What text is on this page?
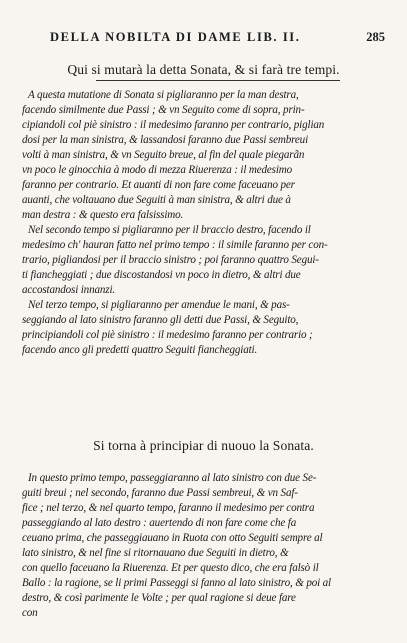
DELLA NOBILTA DI DAME LIB. II.	285
Qui si mutarà la detta Sonata, & si farà tre tempi.
A questa mutatione di Sonata si pigliaranno per la man destra,
facendo similmente due Passi ; & vn Seguito come di sopra, prin-
cipiandoli col piè sinistro : il medesimo faranno per contrario, piglian
dosi per la man sinistra, & lassandosi faranno due Passi sembreui
volti à man sinistra, & vn Seguito breue, al fin del quale piegarãn
vn poco le ginocchia à modo di mezza Riuerenza : il medesimo
faranno per contrario. Et auanti di non fare come faceuano per
auanti, che voltauano due Seguiti à man sinistra, & altri due à
man destra : & questo era falsissimo.
Nel secondo tempo si pigliaranno per il braccio destro, facendo il
medesimo ch' hauran fatto nel primo tempo : il simile faranno per con-
trario, pigliandosi per il braccio sinistro ; poi faranno quattro Segui-
ti fiancheggiati ; due discostandosi vn poco in dietro, & altri due
accostandosi innanzi.
Nel terzo tempo, si pigliaranno per amendue le mani, & pas-
seggiando al lato sinistro faranno gli detti due Passi, & Seguito,
principiandoli col piè sinistro : il medesimo faranno per contrario ;
facendo anco gli predetti quattro Seguiti fiancheggiati.
Si torna à principiar di nuouo la Sonata.
In questo primo tempo, passeggiaranno al lato sinistro con due Se-
guiti breui ; nel secondo, faranno due Passi sembreui, & vn Saf-
fice ; nel terzo, & nel quarto tempo, faranno il medesimo per contra
passeggiando al lato destro : auertendo di non fare come che fa
ceuano prima, che passeggiauano in Ruota con otto Seguiti sempre al
lato sinistro, & nel fine si ritornauano due Seguiti in dietro, &
con quello faceuano la Riuerenza. Et per questo dico, che era falsò il
Ballo : la ragione, se li primi Passeggi si fanno al lato sinistro, & poi al
destro, & così parimente le Volte ; per qual ragione si deue fare
con
